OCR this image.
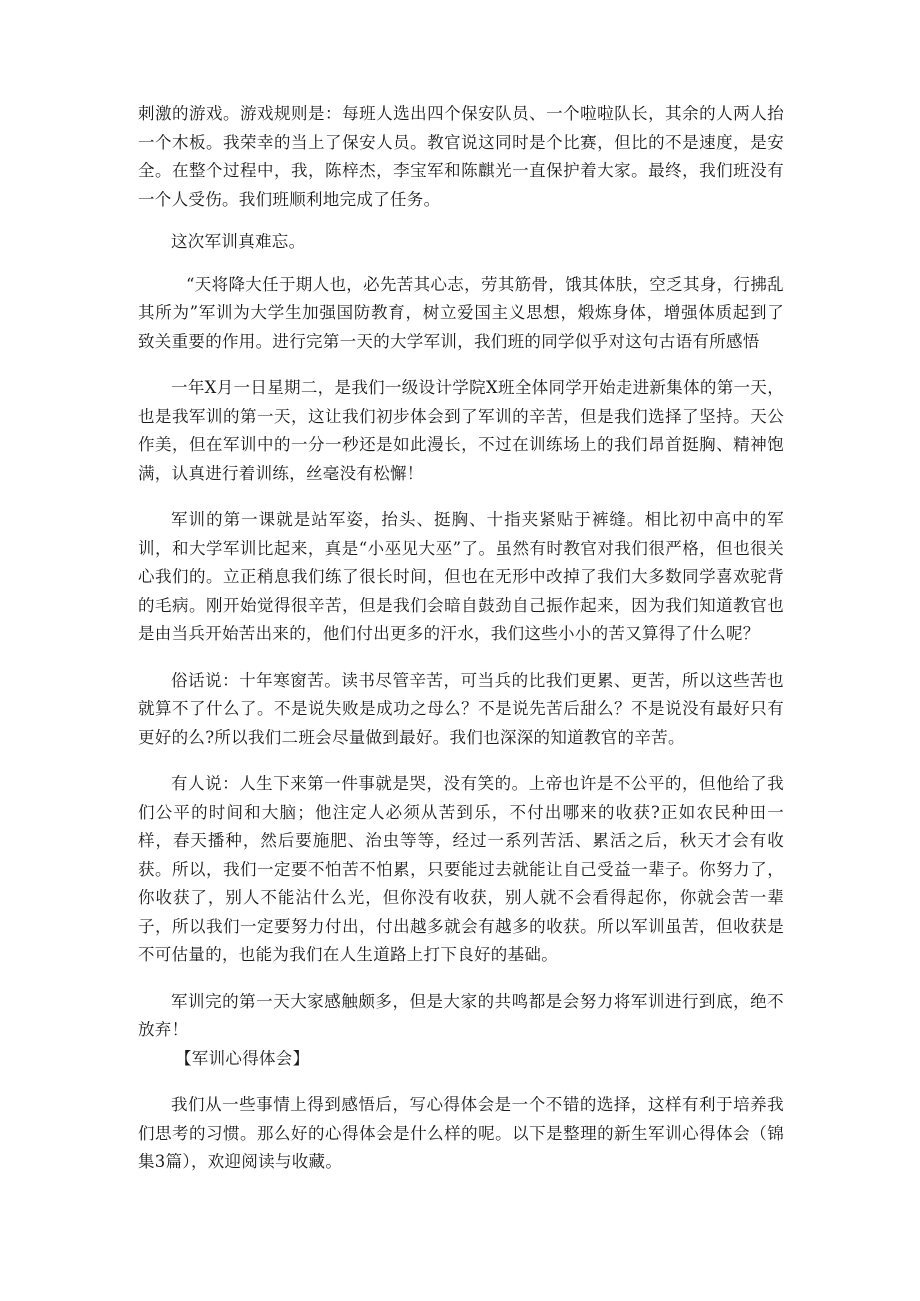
刺激的游戏。游戏规则是：每班人选出四个保安队员、一个啦啦队长，其余的人两人抬一个木板。我荣幸的当上了保安人员。教官说这同时是个比赛，但比的不是速度，是安全。在整个过程中，我，陈梓杰，李宝军和陈麒光一直保护着大家。最终，我们班没有一个人受伤。我们班顺利地完成了任务。

这次军训真难忘。

“天将降大任于期人也，必先苦其心志，劳其筋骨，饿其体肤，空乏其身，行拂乱其所为”军训为大学生加强国防教育，树立爱国主义思想，煅炼身体，增强体质起到了致关重要的作用。进行完第一天的大学军训，我们班的同学似乎对这句古语有所感悟

一年X月一日星期二，是我们一级设计学院X班全体同学开始走进新集体的第一天，也是我军训的第一天，这让我们初步体会到了军训的辛苦，但是我们选择了坚持。天公作美，但在军训中的一分一秒还是如此漫长，不过在训练场上的我们昂首挺胸、精神饱满，认真进行着训练，丝毫没有松懈！

军训的第一课就是站军姿，抬头、挺胸、十指夹紧贴于裤缝。相比初中高中的军训，和大学军训比起来，真是“小巫见大巫”了。虽然有时教官对我们很严格，但也很关心我们的。立正稍息我们练了很长时间，但也在无形中改掉了我们大多数同学喜欢驼背的毛病。刚开始觉得很辛苦，但是我们会暗自鼓劲自己振作起来，因为我们知道教官也是由当兵开始苦出来的，他们付出更多的汗水，我们这些小小的苦又算得了什么呢？

俗话说：十年寒窗苦。读书尽管辛苦，可当兵的比我们更累、更苦，所以这些苦也就算不了什么了。不是说失败是成功之母么？不是说先苦后甜么？不是说没有最好只有更好的么?所以我们二班会尽量做到最好。我们也深深的知道教官的辛苦。

有人说：人生下来第一件事就是哭，没有笑的。上帝也许是不公平的，但他给了我们公平的时间和大脑；他注定人必须从苦到乐，不付出哪来的收获?正如农民种田一样，春天播种，然后要施肥、治虫等等，经过一系列苦活、累活之后，秋天才会有收获。所以，我们一定要不怕苦不怕累，只要能过去就能让自己受益一辈子。你努力了，你收获了，别人不能沾什么光，但你没有收获，别人就不会看得起你，你就会苦一辈子，所以我们一定要努力付出，付出越多就会有越多的收获。所以军训虽苦，但收获是不可估量的，也能为我们在人生道路上打下良好的基础。

军训完的第一天大家感触颇多，但是大家的共鸣都是会努力将军训进行到底，绝不放弃！

【军训心得体会】

我们从一些事情上得到感悟后，写心得体会是一个不错的选择，这样有利于培养我们思考的习惯。那么好的心得体会是什么样的呢。以下是整理的新生军训心得体会（锦集3篇），欢迎阅读与收藏。
